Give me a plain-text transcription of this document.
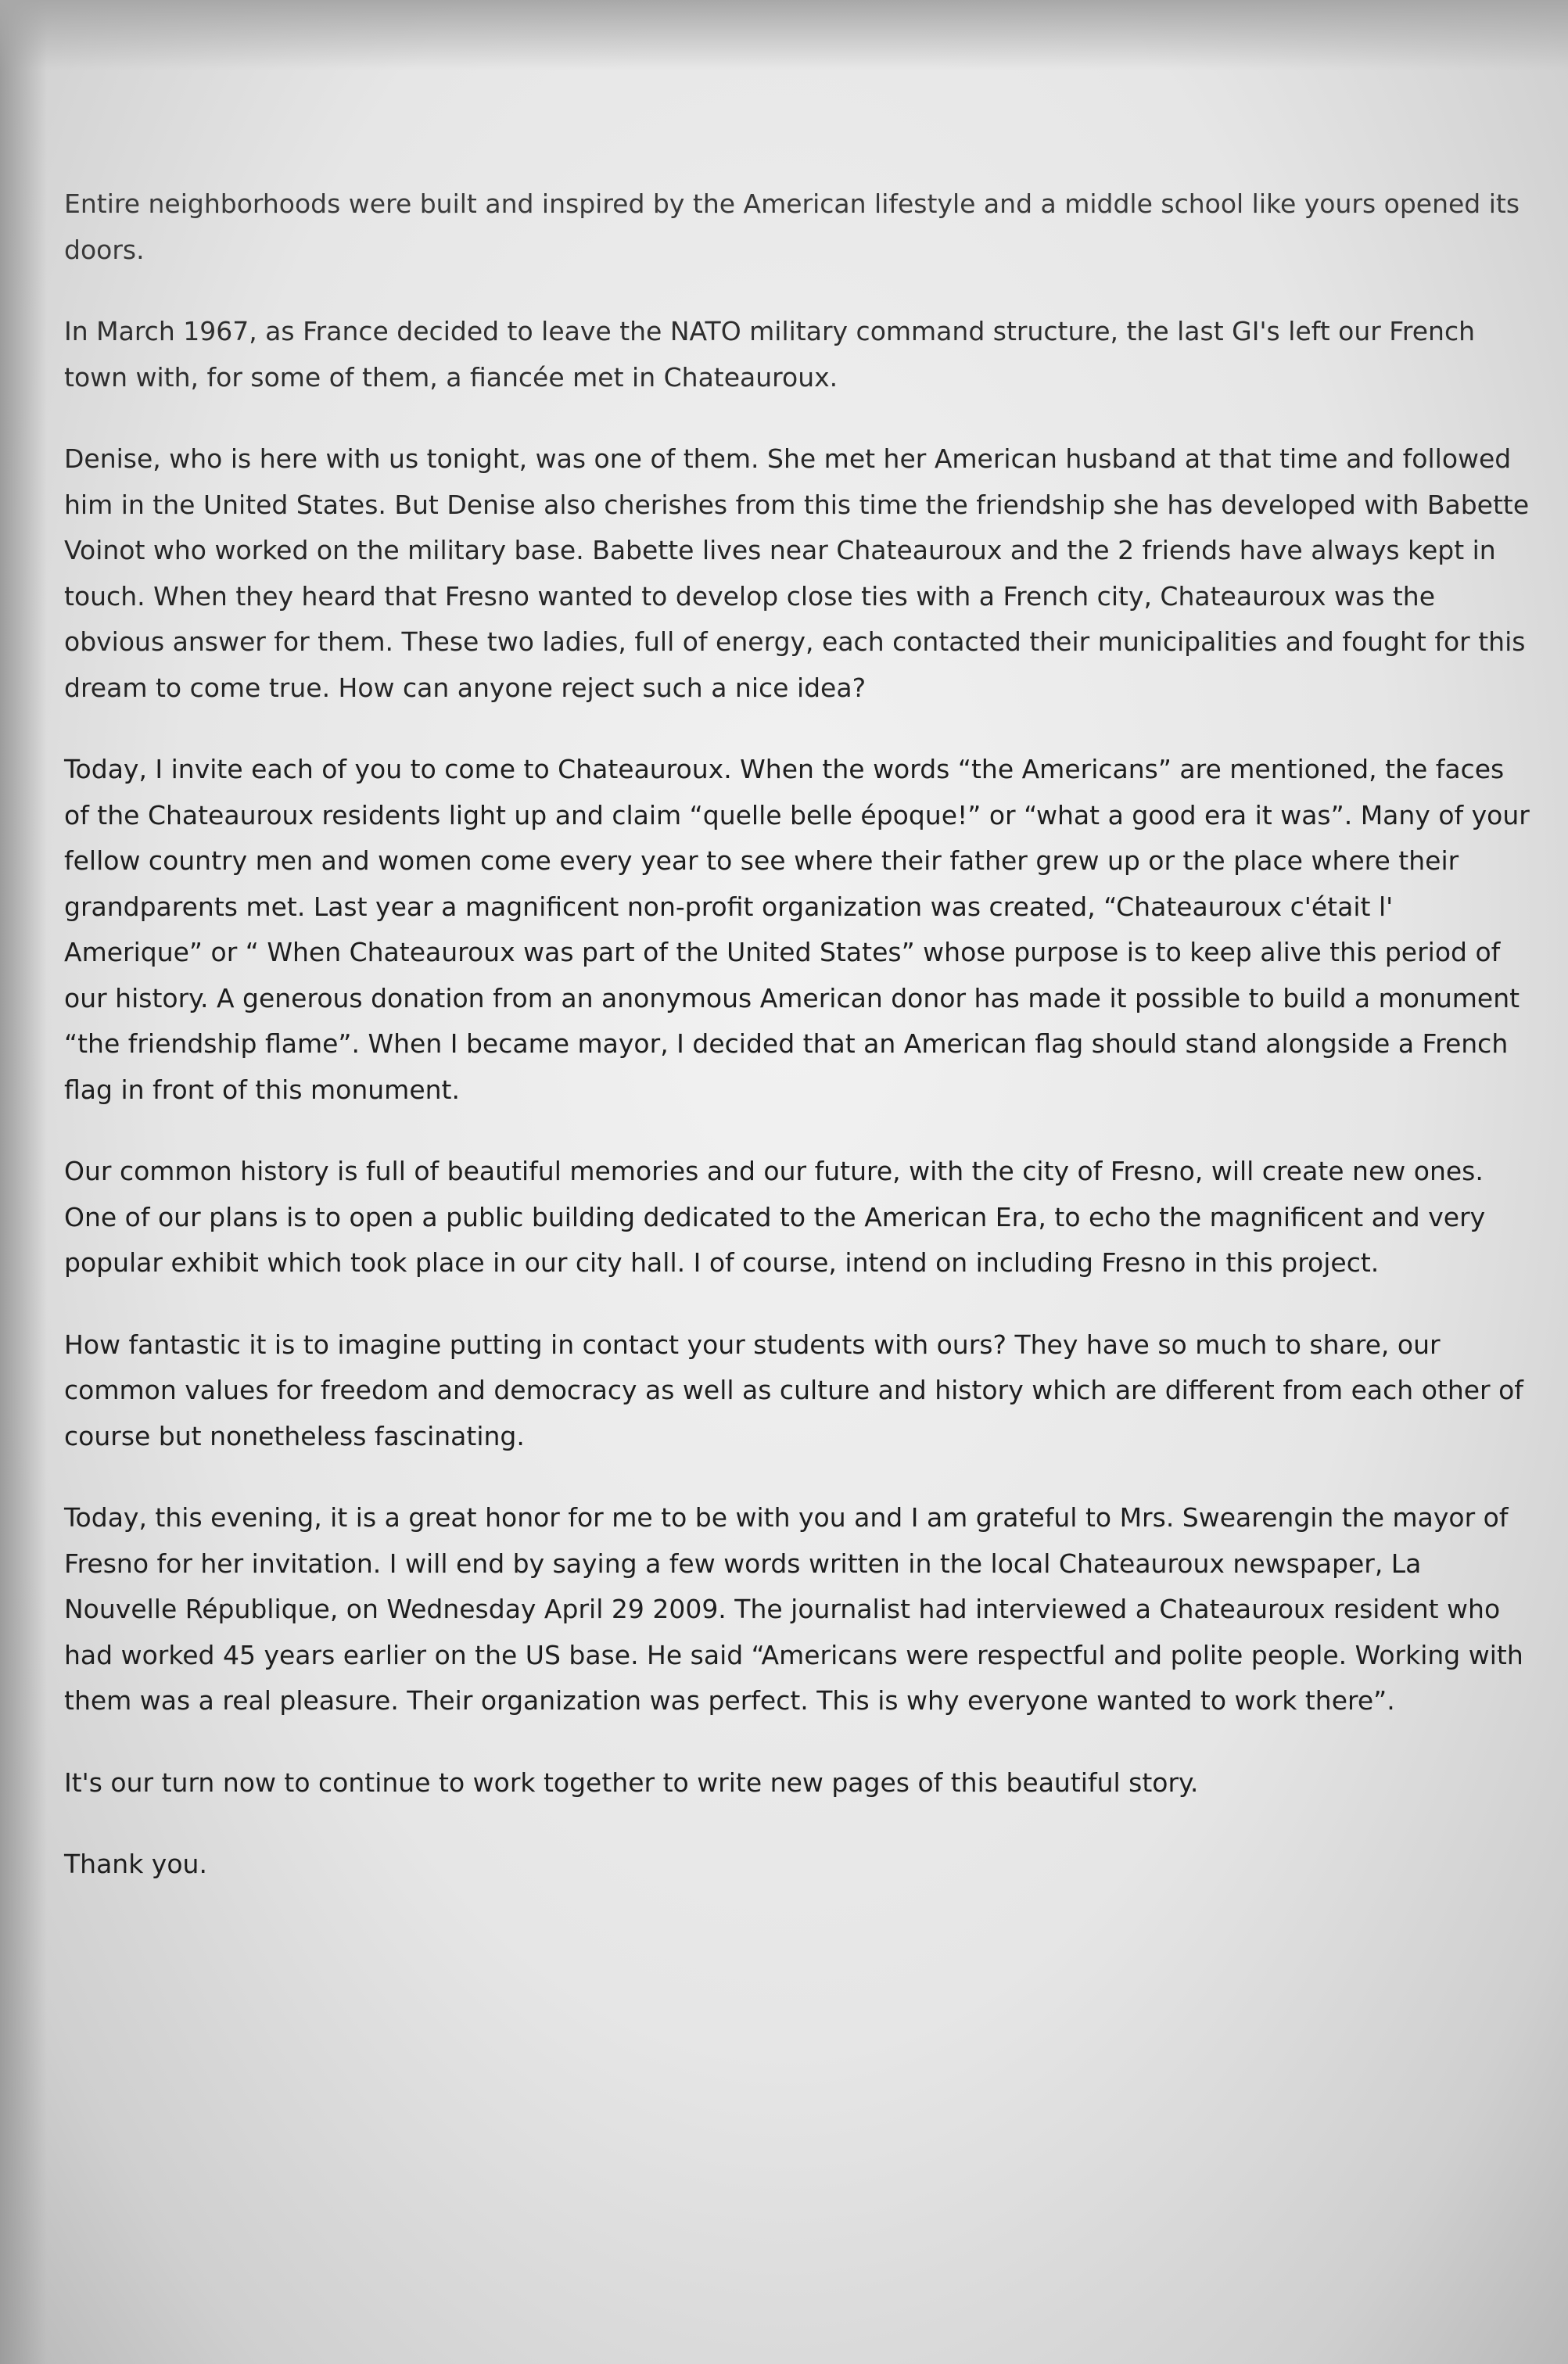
Entire neighborhoods were built and inspired by the American lifestyle and a middle school like yours opened its doors.

In March 1967, as France decided to leave the NATO military command structure, the last GI's left our French town with, for some of them, a fiancée met in Chateauroux.

Denise, who is here with us tonight, was one of them. She met her American husband at that time and followed him in the United States. But Denise also cherishes from this time the friendship she has developed with Babette Voinot who worked on the military base. Babette lives near Chateauroux and the 2 friends have always kept in touch. When they heard that Fresno wanted to develop close ties with a French city, Chateauroux was the obvious answer for them. These two ladies, full of energy, each contacted their municipalities and fought for this dream to come true. How can anyone reject such a nice idea?

Today, I invite each of you to come to Chateauroux. When the words “the Americans” are mentioned, the faces of the Chateauroux residents light up and claim “quelle belle époque!” or “what a good era it was”. Many of your fellow country men and women come every year to see where their father grew up or the place where their grandparents met. Last year a magnificent non-profit organization was created, “Chateauroux c'était l' Amerique” or “ When Chateauroux was part of the United States” whose purpose is to keep alive this period of our history. A generous donation from an anonymous American donor has made it possible to build a monument “the friendship flame”. When I became mayor, I decided that an American flag should stand alongside a French flag in front of this monument.

Our common history is full of beautiful memories and our future, with the city of Fresno, will create new ones. One of our plans is to open a public building dedicated to the American Era, to echo the magnificent and very popular exhibit which took place in our city hall. I of course, intend on including Fresno in this project.

How fantastic it is to imagine putting in contact your students with ours? They have so much to share, our common values for freedom and democracy as well as culture and history which are different from each other of course but nonetheless fascinating.

Today, this evening, it is a great honor for me to be with you and I am grateful to Mrs. Swearengin the mayor of Fresno for her invitation. I will end by saying a few words written in the local Chateauroux newspaper, La Nouvelle République, on Wednesday April 29 2009. The journalist had interviewed a Chateauroux resident who had worked 45 years earlier on the US base. He said “Americans were respectful and polite people. Working with them was a real pleasure. Their organization was perfect. This is why everyone wanted to work there”.

It's our turn now to continue to work together to write new pages of this beautiful story.

Thank you.
